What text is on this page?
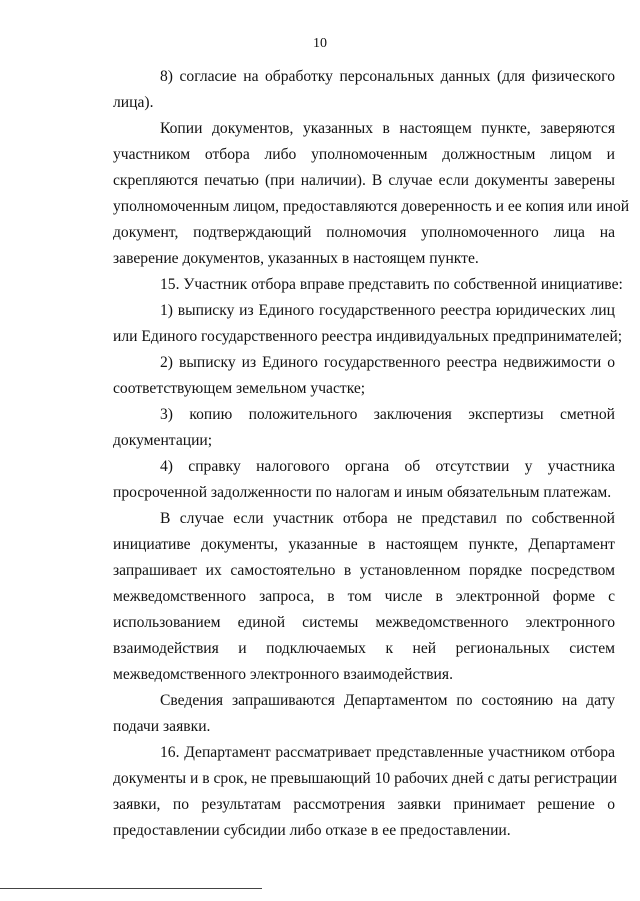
10
8) согласие на обработку персональных данных (для физического
лица).
Копии документов, указанных в настоящем пункте, заверяются
участником отбора либо уполномоченным должностным лицом и
скрепляются печатью (при наличии). В случае если документы заверены
уполномоченным лицом, предоставляются доверенность и ее копия или иной
документ, подтверждающий полномочия уполномоченного лица на
заверение документов, указанных в настоящем пункте.
15. Участник отбора вправе представить по собственной инициативе:
1) выписку из Единого государственного реестра юридических лиц
или Единого государственного реестра индивидуальных предпринимателей;
2) выписку из Единого государственного реестра недвижимости о
соответствующем земельном участке;
3) копию положительного заключения экспертизы сметной
документации;
4) справку налогового органа об отсутствии у участника
просроченной задолженности по налогам и иным обязательным платежам.
В случае если участник отбора не представил по собственной
инициативе документы, указанные в настоящем пункте, Департамент
запрашивает их самостоятельно в установленном порядке посредством
межведомственного запроса, в том числе в электронной форме с
использованием единой системы межведомственного электронного
взаимодействия и подключаемых к ней региональных систем
межведомственного электронного взаимодействия.
Сведения запрашиваются Департаментом по состоянию на дату
подачи заявки.
16. Департамент рассматривает представленные участником отбора
документы и в срок, не превышающий 10 рабочих дней с даты регистрации
заявки, по результатам рассмотрения заявки принимает решение о
предоставлении субсидии либо отказе в ее предоставлении.
